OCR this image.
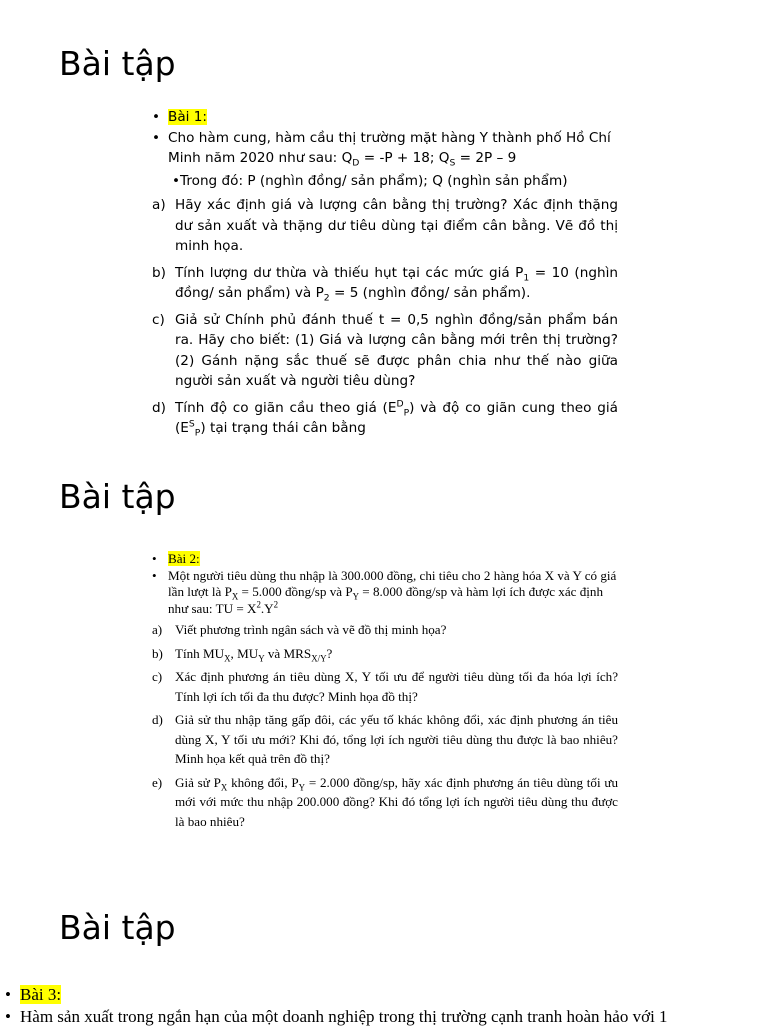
Bài tập

• Bài 1:

• Cho hàm cung, hàm cầu thị trường mặt hàng Y thành phố Hồ Chí Minh năm 2020 như sau: $Q_D = -P + 18$; $Q_S = 2P - 9$

•Trong đó: P (nghìn đồng/ sản phẩm); Q (nghìn sản phẩm)

a) Hãy xác định giá và lượng cân bằng thị trường? Xác định thặng dư sản xuất và thặng dư tiêu dùng tại điểm cân bằng. Vẽ đồ thị minh họa.

b) Tính lượng dư thừa và thiếu hụt tại các mức giá $P_1 = 10$ (nghìn đồng/ sản phẩm) và $P_2 = 5$ (nghìn đồng/ sản phẩm).

c) Giả sử Chính phủ đánh thuế t = 0,5 nghìn đồng/sản phẩm bán ra. Hãy cho biết: (1) Giá và lượng cân bằng mới trên thị trường? (2) Gánh nặng sắc thuế sẽ được phân chia như thế nào giữa người sản xuất và người tiêu dùng?

d) Tính độ co giãn cầu theo giá $(E^D_P)$ và độ co giãn cung theo giá $(E^S_P)$ tại trạng thái cân bằng

Bài tập

• Bài 2:

• Một người tiêu dùng thu nhập là 300.000 đồng, chi tiêu cho 2 hàng hóa X và Y có giá lần lượt là $P_X = 5.000$ đồng/sp và $P_Y = 8.000$ đồng/sp và hàm lợi ích được xác định như sau: TU = $X^2.Y^2$

a) Viết phương trình ngân sách và vẽ đồ thị minh họa?

b) Tính $MU_X$, $MU_Y$ và $MRS_{X/Y}$?

c) Xác định phương án tiêu dùng X, Y tối ưu để người tiêu dùng tối đa hóa lợi ích? Tính lợi ích tối đa thu được? Minh họa đồ thị?

d) Giả sử thu nhập tăng gấp đôi, các yếu tố khác không đổi, xác định phương án tiêu dùng X, Y tối ưu mới? Khi đó, tổng lợi ích người tiêu dùng thu được là bao nhiêu? Minh họa kết quả trên đồ thị?

e) Giả sử $P_X$ không đổi, $P_Y = 2.000$ đồng/sp, hãy xác định phương án tiêu dùng tối ưu mới với mức thu nhập 200.000 đồng? Khi đó tổng lợi ích người tiêu dùng thu được là bao nhiêu?

Bài tập

• Bài 3:

• Hàm sản xuất trong ngắn hạn của một doanh nghiệp trong thị trường cạnh tranh hoàn hảo với 1
